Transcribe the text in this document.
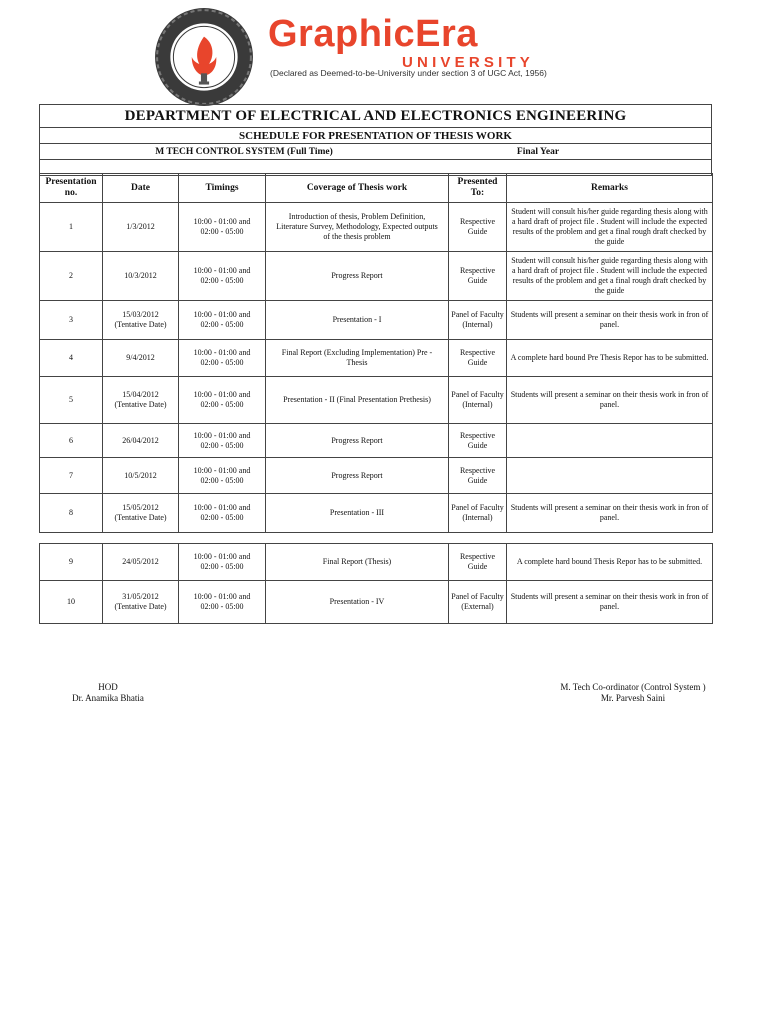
GraphicEra
UNIVERSITY
(Declared as Deemed-to-be-University under section 3 of UGC Act, 1956)
DEPARTMENT OF ELECTRICAL AND ELECTRONICS ENGINEERING
SCHEDULE FOR PRESENTATION OF THESIS WORK

M TECH CONTROL SYSTEM (Full Time)	Final Year

Presentation no.	Date	Timings	Coverage of Thesis work	Presented To:	Remarks
1	1/3/2012	10:00 - 01:00 and 02:00 - 05:00	Introduction of thesis, Problem Definition, Literature Survey, Methodology, Expected outputs of the thesis problem	Respective Guide	Student will consult his/her guide regarding thesis along with a hard draft of project file . Student will include the expected results of the problem and get a final rough draft checked by the guide
2	10/3/2012	10:00 - 01:00 and 02:00 - 05:00	Progress Report	Respective Guide	Student will consult his/her guide regarding thesis along with a hard draft of project file . Student will include the expected results of the problem and get a final rough draft checked by the guide
3	15/03/2012 (Tentative Date)	10:00 - 01:00 and 02:00 - 05:00	Presentation - I	Panel of Faculty (Internal)	Students will present a seminar on their thesis work in fron of panel.
4	9/4/2012	10:00 - 01:00 and 02:00 - 05:00	Final Report (Excluding Implementation) Pre - Thesis	Respective Guide	A complete hard bound Pre Thesis Repor has to be submitted.
5	15/04/2012 (Tentative Date)	10:00 - 01:00 and 02:00 - 05:00	Presentation - II (Final Presentation Prethesis)	Panel of Faculty (Internal)	Students will present a seminar on their thesis work in fron of panel.
6	26/04/2012	10:00 - 01:00 and 02:00 - 05:00	Progress Report	Respective Guide	
7	10/5/2012	10:00 - 01:00 and 02:00 - 05:00	Progress Report	Respective Guide	
8	15/05/2012 (Tentative Date)	10:00 - 01:00 and 02:00 - 05:00	Presentation - III	Panel of Faculty (Internal)	Students will present a seminar on their thesis work in fron of panel.
9	24/05/2012	10:00 - 01:00 and 02:00 - 05:00	Final Report (Thesis)	Respective Guide	A complete hard bound Thesis Repor has to be submitted.
10	31/05/2012 (Tentative Date)	10:00 - 01:00 and 02:00 - 05:00	Presentation - IV	Panel of Faculty (External)	Students will present a seminar on their thesis work in fron of panel.
HOD
Dr. Anamika Bhatia
M. Tech Co-ordinator (Control System )
Mr. Parvesh Saini
